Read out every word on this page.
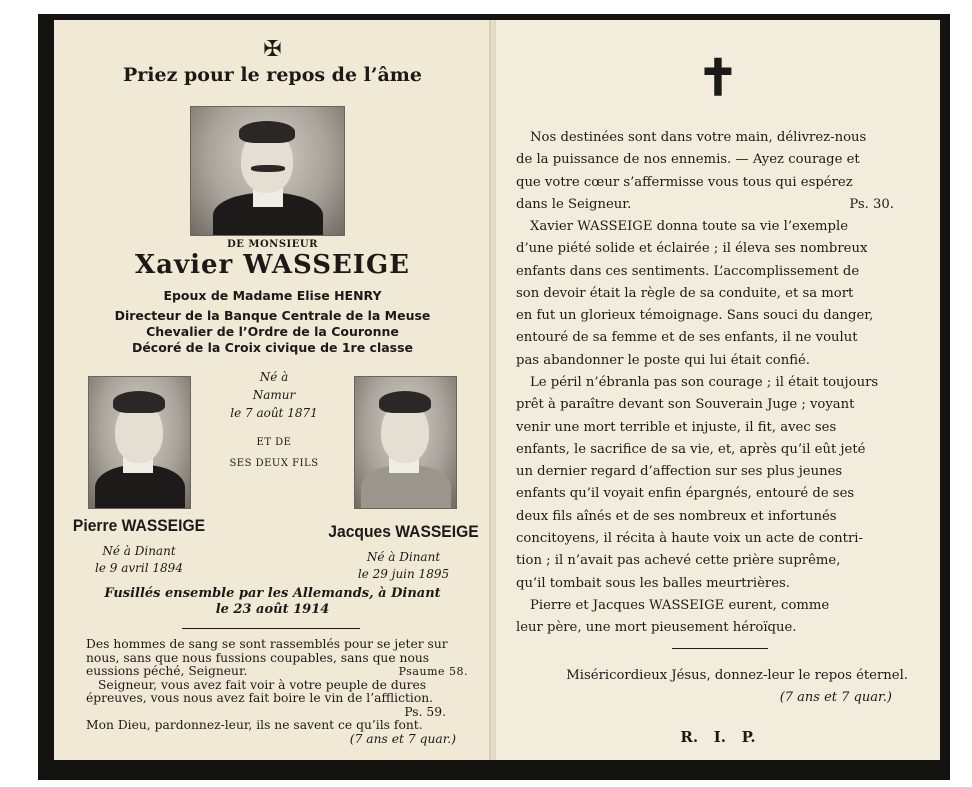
✠
Priez pour le repos de l’âme
DE MONSIEUR
Xavier WASSEIGE
Epoux de Madame Elise HENRY
Directeur de la Banque Centrale de la Meuse
Chevalier de l’Ordre de la Couronne
Décoré de la Croix civique de 1re classe
Né à
Namur
le 7 août 1871
ET DE
SES DEUX FILS
Pierre WASSEIGE
Né à Dinant
le 9 avril 1894
Jacques WASSEIGE
Né à Dinant
le 29 juin 1895
Fusillés ensemble par les Allemands, à Dinant
le 23 août 1914
Des hommes de sang se sont rassemblés pour se jeter sur
nous, sans que nous fussions coupables, sans que nous
eussions péché, Seigneur.	Psaume 58.
Seigneur, vous avez fait voir à votre peuple de dures
épreuves, vous nous avez fait boire le vin de l’affliction.
Ps. 59.
Mon Dieu, pardonnez-leur, ils ne savent ce qu’ils font.
(7 ans et 7 quar.)
✝
Nos destinées sont dans votre main, délivrez-nous
de la puissance de nos ennemis. — Ayez courage et
que votre cœur s’affermisse vous tous qui espérez
dans le Seigneur.	Ps. 30.
Xavier WASSEIGE donna toute sa vie l’exemple
d’une piété solide et éclairée ; il éleva ses nombreux
enfants dans ces sentiments. L’accomplissement de
son devoir était la règle de sa conduite, et sa mort
en fut un glorieux témoignage. Sans souci du danger,
entouré de sa femme et de ses enfants, il ne voulut
pas abandonner le poste qui lui était confié.
Le péril n’ébranla pas son courage ; il était toujours
prêt à paraître devant son Souverain Juge ; voyant
venir une mort terrible et injuste, il fit, avec ses
enfants, le sacrifice de sa vie, et, après qu’il eût jeté
un dernier regard d’affection sur ses plus jeunes
enfants qu’il voyait enfin épargnés, entouré de ses
deux fils aînés et de ses nombreux et infortunés
concitoyens, il récita à haute voix un acte de contri-
tion ; il n’avait pas achevé cette prière suprême,
qu’il tombait sous les balles meurtrières.
Pierre et Jacques WASSEIGE eurent, comme
leur père, une mort pieusement héroïque.
Miséricordieux Jésus, donnez-leur le repos éternel.
(7 ans et 7 quar.)
R.   I.   P.
